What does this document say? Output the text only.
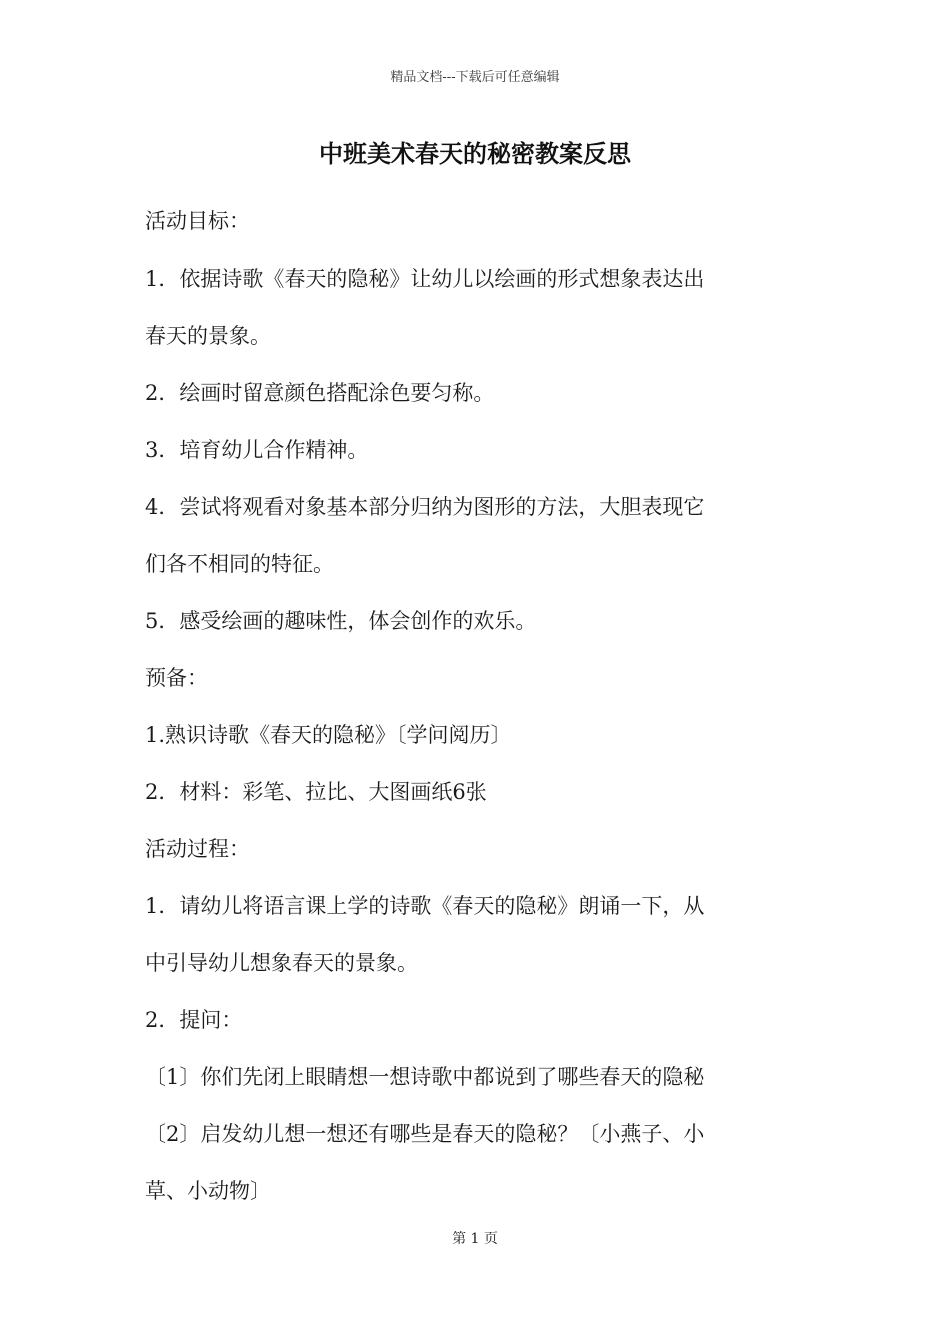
精品文档---下载后可任意编辑
中班美术春天的秘密教案反思
活动目标：
1．依据诗歌《春天的隐秘》让幼儿以绘画的形式想象表达出
春天的景象。
2．绘画时留意颜色搭配涂色要匀称。
3．培育幼儿合作精神。
4．尝试将观看对象基本部分归纳为图形的方法，大胆表现它
们各不相同的特征。
5．感受绘画的趣味性，体会创作的欢乐。
预备：
1.熟识诗歌《春天的隐秘》〔学问阅历〕
2．材料：彩笔、拉比、大图画纸6张
活动过程：
1．请幼儿将语言课上学的诗歌《春天的隐秘》朗诵一下，从
中引导幼儿想象春天的景象。
2．提问：
〔1〕你们先闭上眼睛想一想诗歌中都说到了哪些春天的隐秘
〔2〕启发幼儿想一想还有哪些是春天的隐秘？〔小燕子、小
草、小动物〕
第 1 页
